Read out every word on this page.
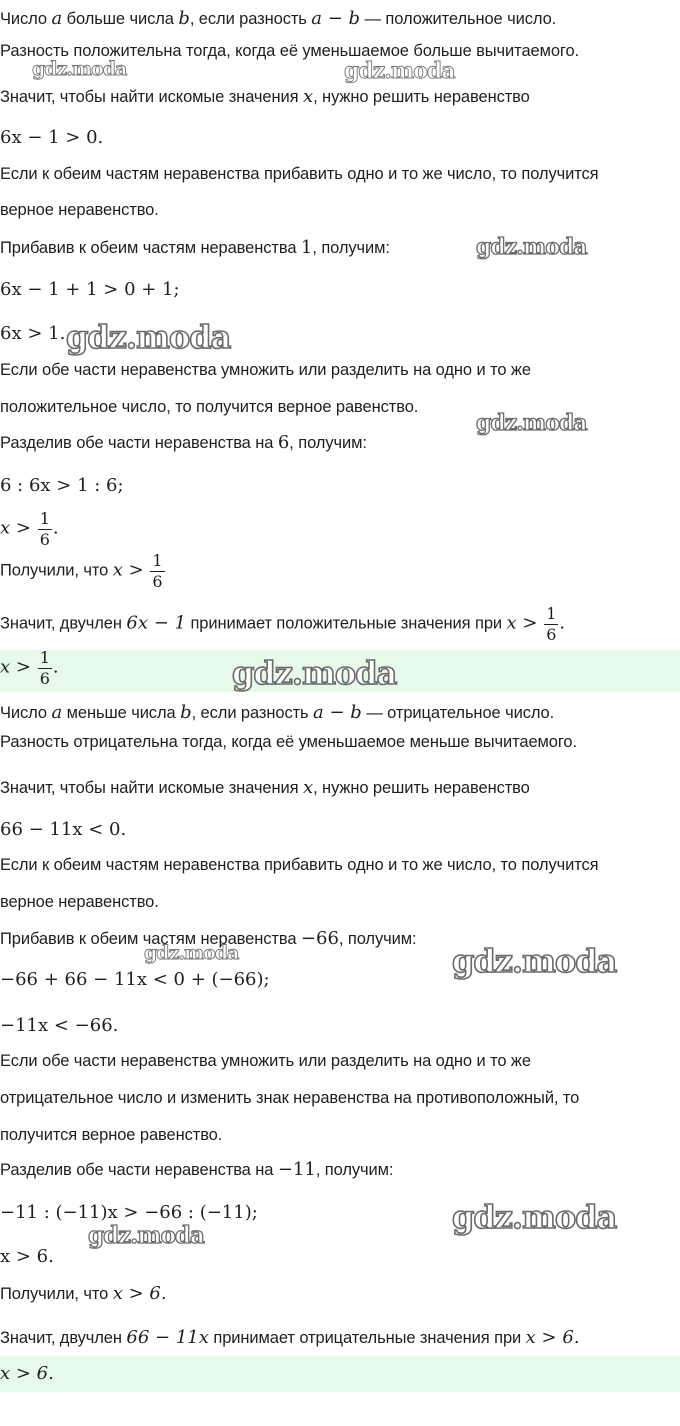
Число a больше числа b, если разность a − b — положительное число.
Разность положительна тогда, когда её уменьшаемое больше вычитаемого.
Значит, чтобы найти искомые значения x, нужно решить неравенство
6x − 1 > 0.
Если к обеим частям неравенства прибавить одно и то же число, то получится
верное неравенство.
Прибавив к обеим частям неравенства 1, получим:
6x − 1 + 1 > 0 + 1;
6x > 1.
Если обе части неравенства умножить или разделить на одно и то же
положительное число, то получится верное равенство.
Разделив обе части неравенства на 6, получим:
6 : 6x > 1 : 6;
$x > \frac{1}{6}$ .
Получили, что $x > \frac{1}{6}$
Значит, двучлен 6x − 1 принимает положительные значения при $x > \frac{1}{6}$ .
$x > \frac{1}{6}$ .
Число a меньше числа b, если разность a − b — отрицательное число.
Разность отрицательна тогда, когда её уменьшаемое меньше вычитаемого.
Значит, чтобы найти искомые значения x, нужно решить неравенство
66 − 11x < 0.
Если к обеим частям неравенства прибавить одно и то же число, то получится
верное неравенство.
Прибавив к обеим частям неравенства −66, получим:
−66 + 66 − 11x < 0 + (−66);
−11x < −66.
Если обе части неравенства умножить или разделить на одно и то же
отрицательное число и изменить знак неравенства на противоположный, то
получится верное равенство.
Разделив обе части неравенства на −11, получим:
−11 : (−11)x > −66 : (−11);
x > 6.
Получили, что x > 6.
Значит, двучлен 66 − 11x принимает отрицательные значения при x > 6.
x > 6.
gdz.moda	gdz.moda
gdz.moda
gdz.moda
gdz.moda
gdz.moda
gdz.moda	gdz.moda
gdz.moda
gdz.moda
